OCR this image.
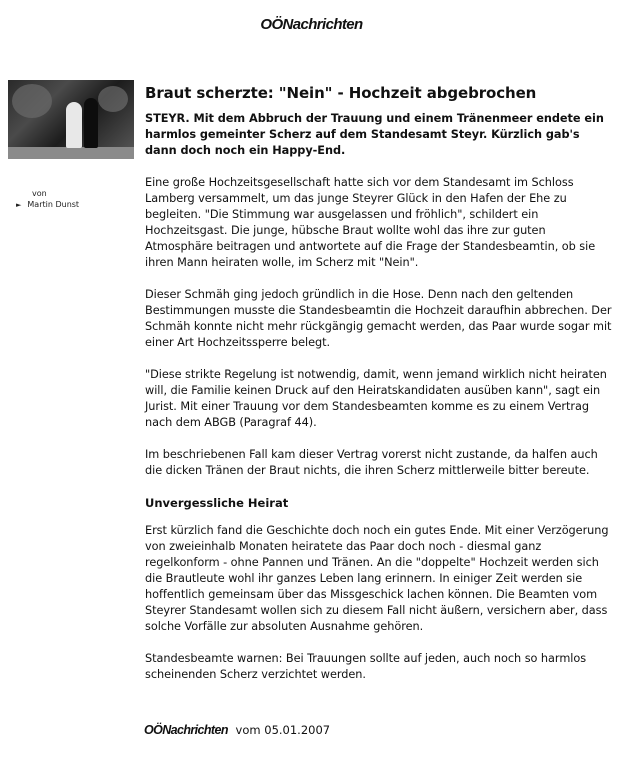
OÖNachrichten
von
► Martin Dunst
Braut scherzte: "Nein" - Hochzeit abgebrochen

STEYR. Mit dem Abbruch der Trauung und einem Tränenmeer endete ein harmlos gemeinter Scherz auf dem Standesamt Steyr. Kürzlich gab's dann doch noch ein Happy-End.

Eine große Hochzeitsgesellschaft hatte sich vor dem Standesamt im Schloss Lamberg versammelt, um das junge Steyrer Glück in den Hafen der Ehe zu begleiten. "Die Stimmung war ausgelassen und fröhlich", schildert ein Hochzeitsgast. Die junge, hübsche Braut wollte wohl das ihre zur guten Atmosphäre beitragen und antwortete auf die Frage der Standesbeamtin, ob sie ihren Mann heiraten wolle, im Scherz mit "Nein".

Dieser Schmäh ging jedoch gründlich in die Hose. Denn nach den geltenden Bestimmungen musste die Standesbeamtin die Hochzeit daraufhin abbrechen. Der Schmäh konnte nicht mehr rückgängig gemacht werden, das Paar wurde sogar mit einer Art Hochzeitssperre belegt.

"Diese strikte Regelung ist notwendig, damit, wenn jemand wirklich nicht heiraten will, die Familie keinen Druck auf den Heiratskandidaten ausüben kann", sagt ein Jurist. Mit einer Trauung vor dem Standesbeamten komme es zu einem Vertrag nach dem ABGB (Paragraf 44).

Im beschriebenen Fall kam dieser Vertrag vorerst nicht zustande, da halfen auch die dicken Tränen der Braut nichts, die ihren Scherz mittlerweile bitter bereute.

Unvergessliche Heirat

Erst kürzlich fand die Geschichte doch noch ein gutes Ende. Mit einer Verzögerung von zweieinhalb Monaten heiratete das Paar doch noch - diesmal ganz regelkonform - ohne Pannen und Tränen. An die "doppelte" Hochzeit werden sich die Brautleute wohl ihr ganzes Leben lang erinnern. In einiger Zeit werden sie hoffentlich gemeinsam über das Missgeschick lachen können. Die Beamten vom Steyrer Standesamt wollen sich zu diesem Fall nicht äußern, versichern aber, dass solche Vorfälle zur absoluten Ausnahme gehören.

Standesbeamte warnen: Bei Trauungen sollte auf jeden, auch noch so harmlos scheinenden Scherz verzichtet werden.

OÖNachrichten vom 05.01.2007
